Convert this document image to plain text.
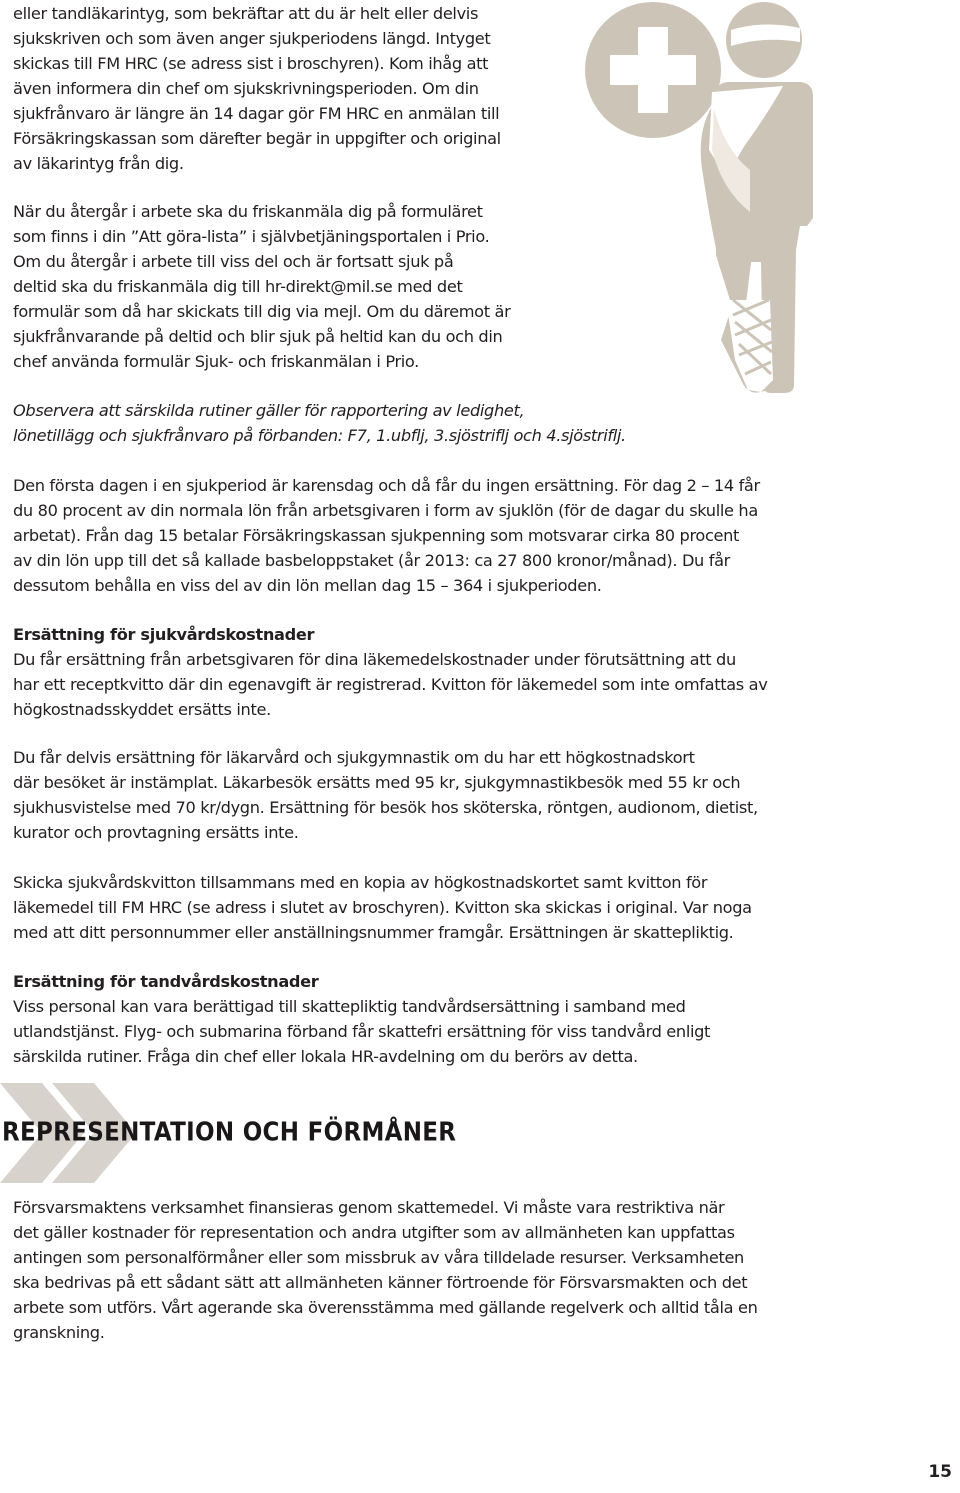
eller tandläkarintyg, som bekräftar att du är helt eller delvis
sjukskriven och som även anger sjukperiodens längd. Intyget
skickas till FM HRC (se adress sist i broschyren). Kom ihåg att
även informera din chef om sjukskrivningsperioden. Om din
sjukfrånvaro är längre än 14 dagar gör FM HRC en anmälan till
Försäkringskassan som därefter begär in uppgifter och original
av läkarintyg från dig.

När du återgår i arbete ska du friskanmäla dig på formuläret
som finns i din ”Att göra-lista” i självbetjäningsportalen i Prio.
Om du återgår i arbete till viss del och är fortsatt sjuk på
deltid ska du friskanmäla dig till hr-direkt@mil.se med det
formulär som då har skickats till dig via mejl. Om du däremot är
sjukfrånvarande på deltid och blir sjuk på heltid kan du och din
chef använda formulär Sjuk- och friskanmälan i Prio.

Observera att särskilda rutiner gäller för rapportering av ledighet,
lönetillägg och sjukfrånvaro på förbanden: F7, 1.ubflj, 3.sjöstriflj och 4.sjöstriflj.

Den första dagen i en sjukperiod är karensdag och då får du ingen ersättning. För dag 2 – 14 får
du 80 procent av din normala lön från arbetsgivaren i form av sjuklön (för de dagar du skulle ha
arbetat). Från dag 15 betalar Försäkringskassan sjukpenning som motsvarar cirka 80 procent
av din lön upp till det så kallade basbeloppstaket (år 2013: ca 27 800 kronor/månad). Du får
dessutom behålla en viss del av din lön mellan dag 15 – 364 i sjukperioden.

Ersättning för sjukvårdskostnader
Du får ersättning från arbetsgivaren för dina läkemedelskostnader under förutsättning att du
har ett receptkvitto där din egenavgift är registrerad. Kvitton för läkemedel som inte omfattas av
högkostnadsskyddet ersätts inte.

Du får delvis ersättning för läkarvård och sjukgymnastik om du har ett högkostnadskort
där besöket är instämplat. Läkarbesök ersätts med 95 kr, sjukgymnastikbesök med 55 kr och
sjukhusvistelse med 70 kr/dygn. Ersättning för besök hos sköterska, röntgen, audionom, dietist,
kurator och provtagning ersätts inte.

Skicka sjukvårdskvitton tillsammans med en kopia av högkostnadskortet samt kvitton för
läkemedel till FM HRC (se adress i slutet av broschyren). Kvitton ska skickas i original. Var noga
med att ditt personnummer eller anställningsnummer framgår. Ersättningen är skattepliktig.

Ersättning för tandvårdskostnader
Viss personal kan vara berättigad till skattepliktig tandvårdsersättning i samband med
utlandstjänst. Flyg- och submarina förband får skattefri ersättning för viss tandvård enligt
särskilda rutiner. Fråga din chef eller lokala HR-avdelning om du berörs av detta.
REPRESENTATION OCH FÖRMÅNER

Försvarsmaktens verksamhet finansieras genom skattemedel. Vi måste vara restriktiva när
det gäller kostnader för representation och andra utgifter som av allmänheten kan uppfattas
antingen som personalförmåner eller som missbruk av våra tilldelade resurser. Verksamheten
ska bedrivas på ett sådant sätt att allmänheten känner förtroende för Försvarsmakten och det
arbete som utförs. Vårt agerande ska överensstämma med gällande regelverk och alltid tåla en
granskning.

15
